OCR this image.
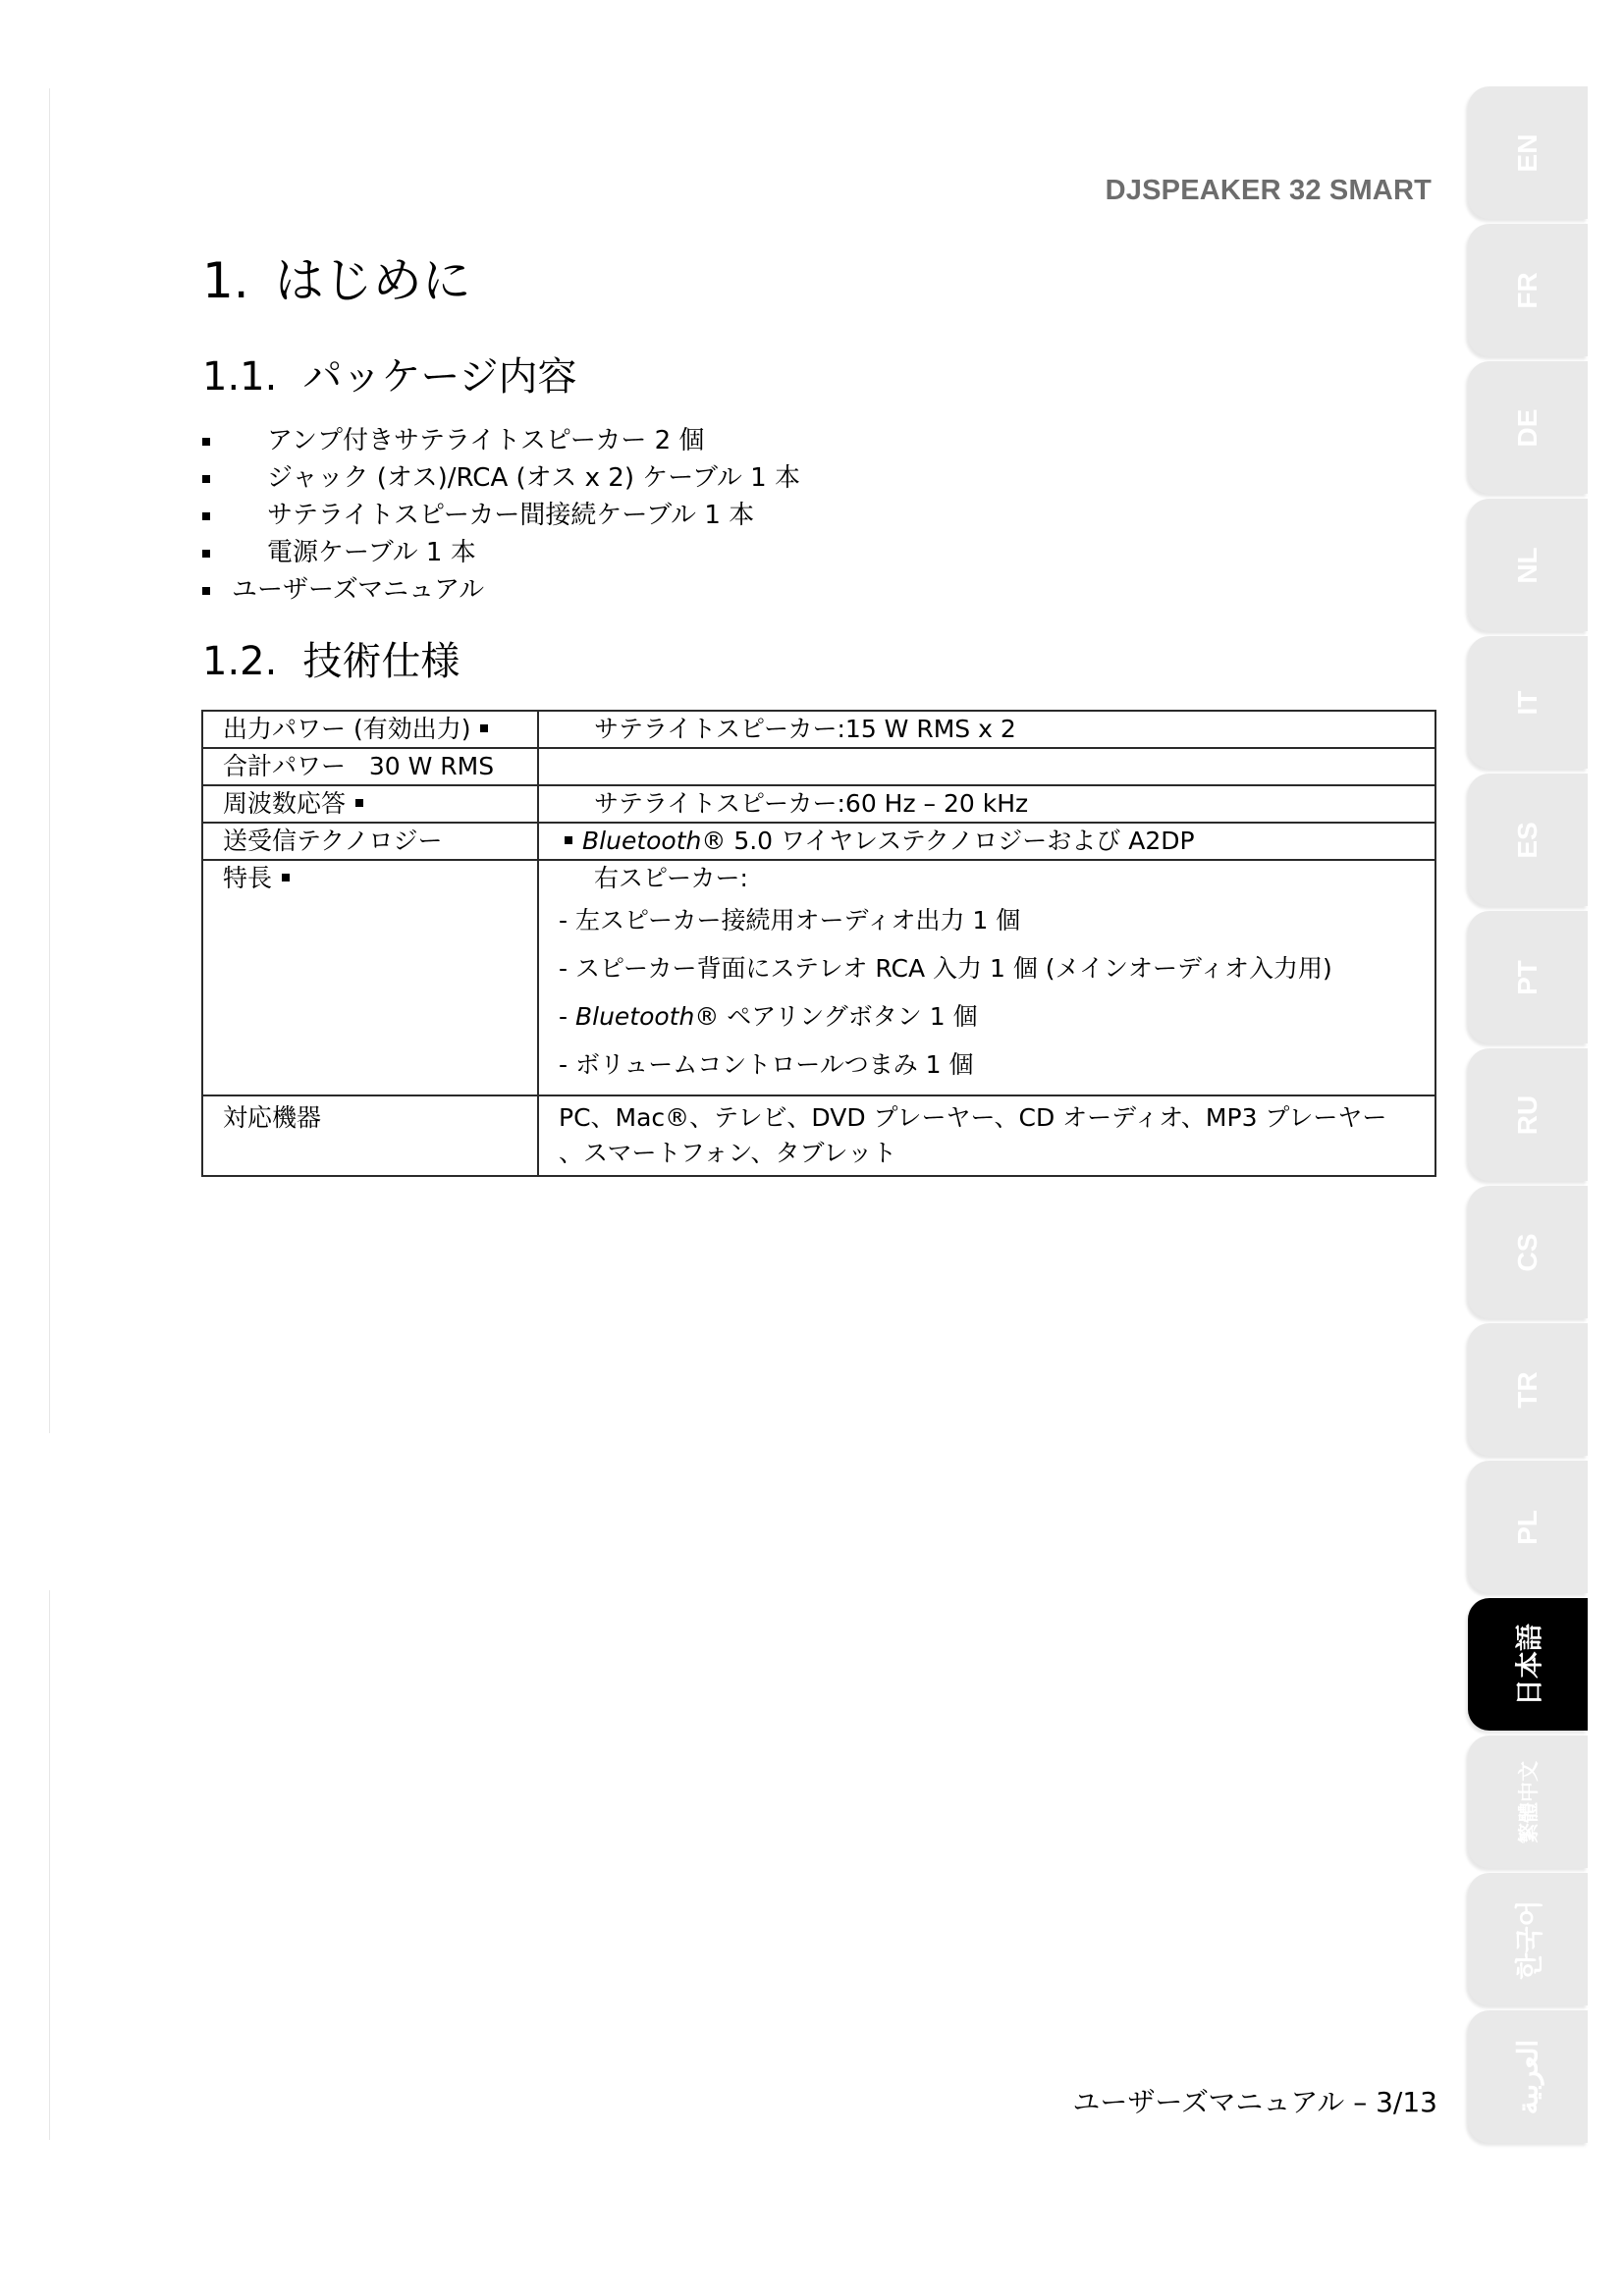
DJSPEAKER 32 SMART
1. はじめに
1.1. パッケージ内容
アンプ付きサテライトスピーカー 2 個
ジャック (オス)/RCA (オス x 2) ケーブル 1 本
サテライトスピーカー間接続ケーブル 1 本
電源ケーブル 1 本
ユーザーズマニュアル
1.2. 技術仕様
出力パワー (有効出力)	サテライトスピーカー:15 W RMS x 2
合計パワー 30 W RMS	
周波数応答	サテライトスピーカー:60 Hz – 20 kHz
送受信テクノロジー	Bluetooth® 5.0 ワイヤレステクノロジーおよび A2DP
特長	右スピーカー:
- 左スピーカー接続用オーディオ出力 1 個
- スピーカー背面にステレオ RCA 入力 1 個 (メインオーディオ入力用)
- Bluetooth® ペアリングボタン 1 個
- ボリュームコントロールつまみ 1 個

対応機器	PC、Mac®、テレビ、DVD プレーヤー、CD オーディオ、MP3 プレーヤー
、スマートフォン、タブレット
ユーザーズマニュアル – 3/13
EN
FR
DE
NL
IT
ES
PT
RU
CS
TR
PL
日本語
繁體中文
한국어
العربية
